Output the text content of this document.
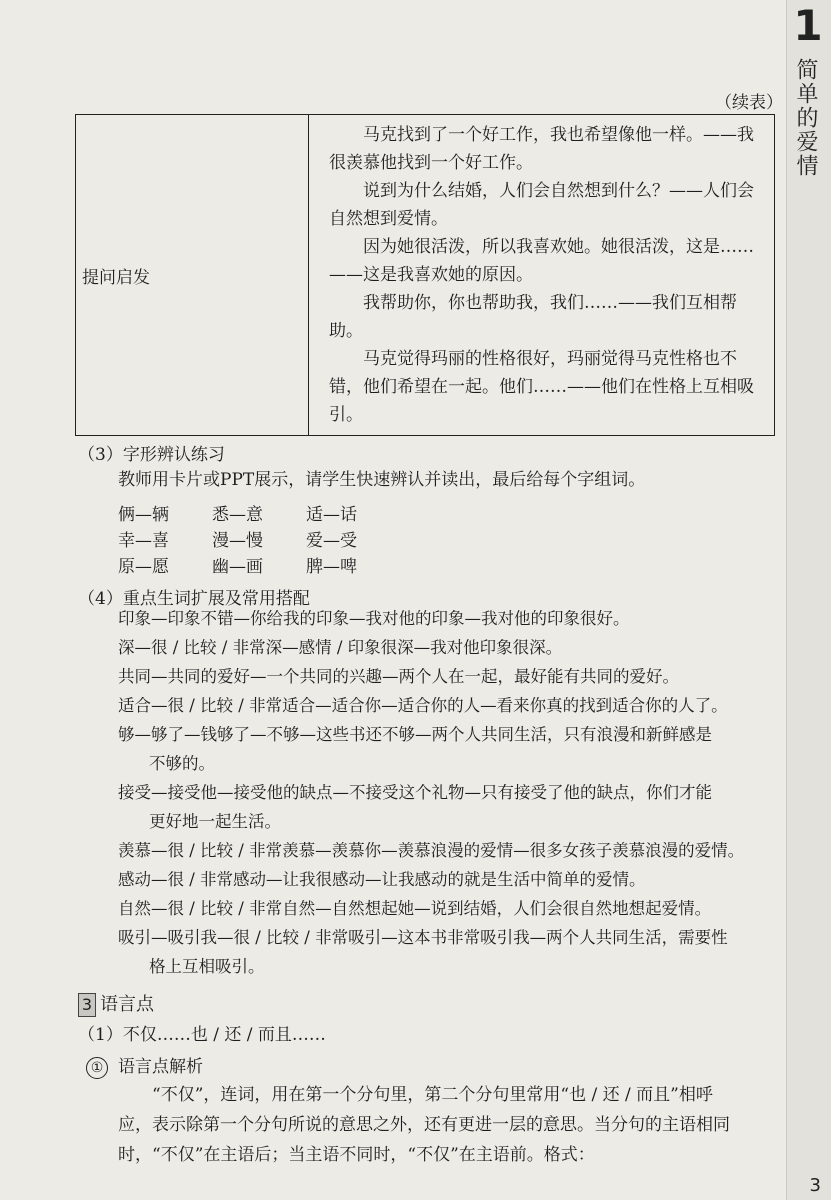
1
简单的爱情
3
（续表）
提问启发	

马克找到了一个好工作，我也希望像他一样。——我很羡慕他找到一个好工作。

说到为什么结婚，人们会自然想到什么？——人们会自然想到爱情。

因为她很活泼，所以我喜欢她。她很活泼，这是……——这是我喜欢她的原因。

我帮助你，你也帮助我，我们……——我们互相帮助。

马克觉得玛丽的性格很好，玛丽觉得马克性格也不错，他们希望在一起。他们……——他们在性格上互相吸引。

（3）字形辨认练习
教师用卡片或PPT展示，请学生快速辨认并读出，最后给每个字组词。
俩—辆	悉—意	适—话
幸—喜	漫—慢	爱—受
原—愿	幽—画	脾—啤
（4）重点生词扩展及常用搭配
印象—印象不错—你给我的印象—我对他的印象—我对他的印象很好。
深—很 / 比较 / 非常深—感情 / 印象很深—我对他印象很深。
共同—共同的爱好—一个共同的兴趣—两个人在一起，最好能有共同的爱好。
适合—很 / 比较 / 非常适合—适合你—适合你的人—看来你真的找到适合你的人了。
够—够了—钱够了—不够—这些书还不够—两个人共同生活，只有浪漫和新鲜感是
不够的。
接受—接受他—接受他的缺点—不接受这个礼物—只有接受了他的缺点，你们才能
更好地一起生活。
羡慕—很 / 比较 / 非常羡慕—羡慕你—羡慕浪漫的爱情—很多女孩子羡慕浪漫的爱情。
感动—很 / 非常感动—让我很感动—让我感动的就是生活中简单的爱情。
自然—很 / 比较 / 非常自然—自然想起她—说到结婚，人们会很自然地想起爱情。
吸引—吸引我—很 / 比较 / 非常吸引—这本书非常吸引我—两个人共同生活，需要性
格上互相吸引。
3 语言点
（1）不仅……也 / 还 / 而且……
① 语言点解析
“不仅”，连词，用在第一个分句里，第二个分句里常用“也 / 还 / 而且”相呼
应，表示除第一个分句所说的意思之外，还有更进一层的意思。当分句的主语相同
时，“不仅”在主语后；当主语不同时，“不仅”在主语前。格式：
